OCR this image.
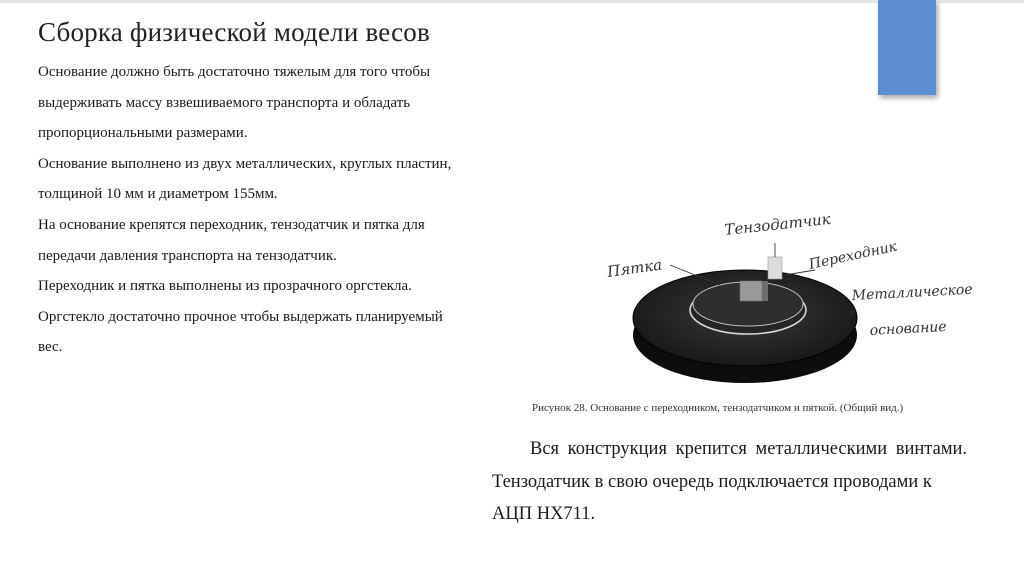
Сборка физической модели весов
Основание должно быть достаточно тяжелым для того чтобы
выдерживать массу взвешиваемого транспорта и обладать
пропорциональными размерами.
Основание выполнено из двух металлических, круглых пластин,
толщиной 10 мм и диаметром 155мм.
На основание крепятся переходник, тензодатчик и пятка для
передачи давления транспорта на тензодатчик.
Переходник и пятка выполнены из прозрачного оргстекла.
Оргстекло достаточно прочное чтобы выдержать планируемый
вес.
Пятка
Тензодатчик
Переходник
Металлическое
основание
Рисунок 28. Основание с переходником, тензодатчиком и пяткой. (Общий вид.)
Вся конструкция крепится металлическими винтами.
Тензодатчик в свою очередь подключается проводами к
АЦП HX711.
